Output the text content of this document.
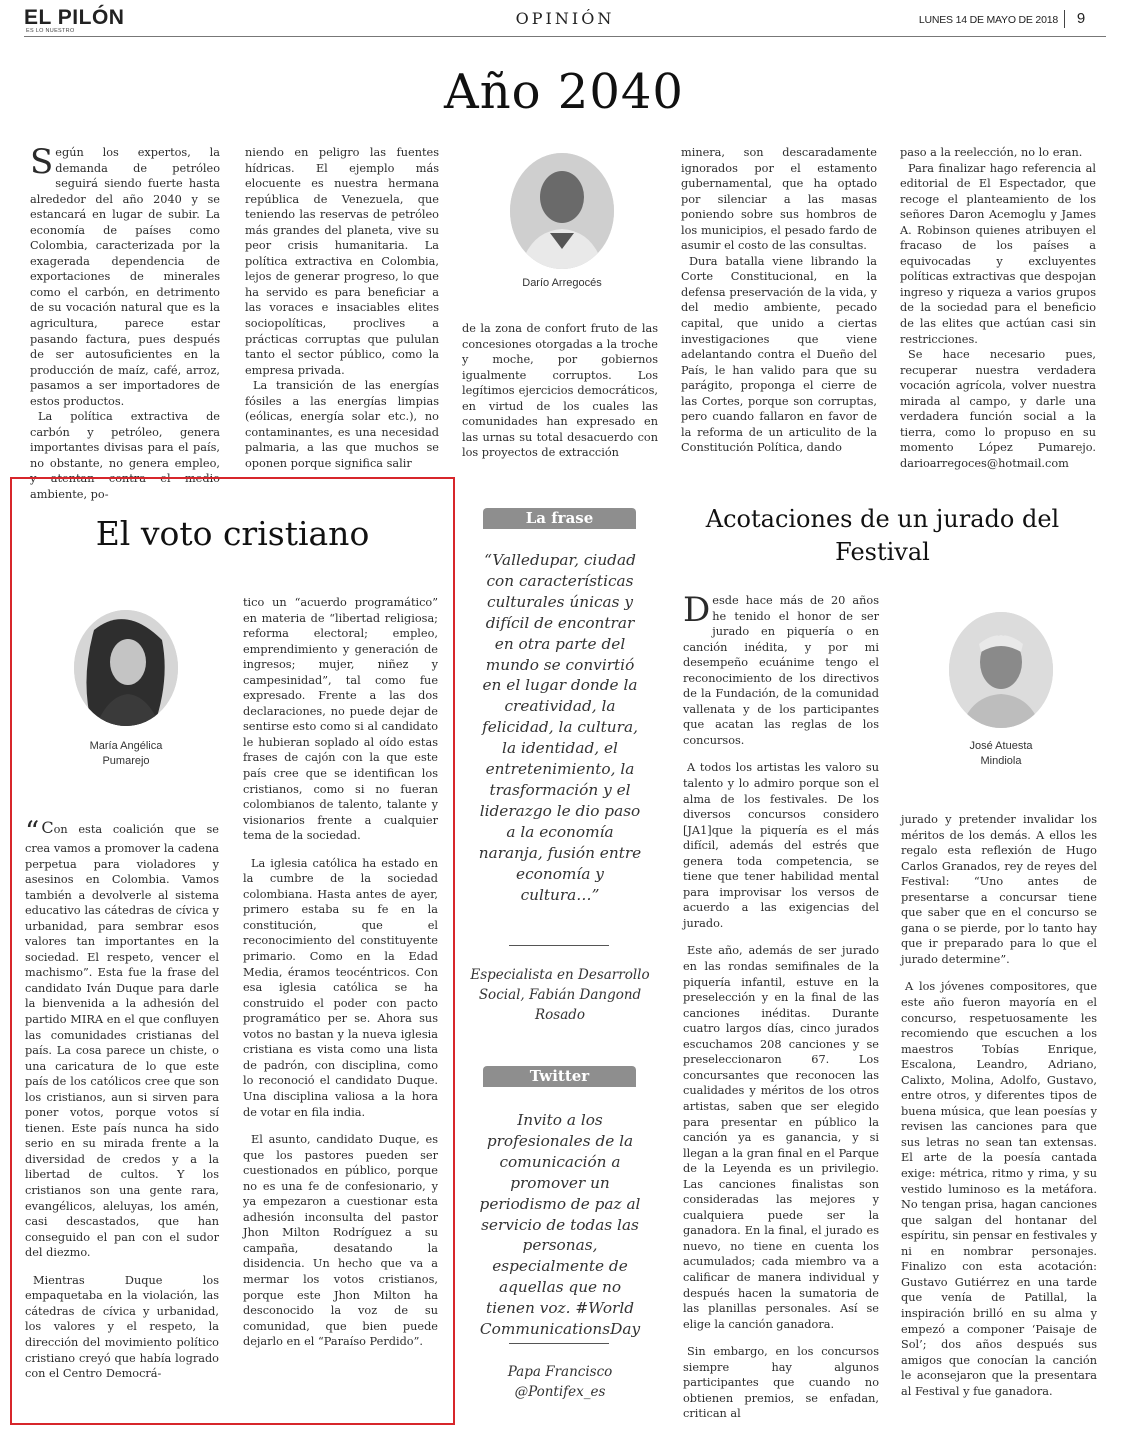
EL PILÓN
ES LO NUESTRO
OPINIÓN	LUNES 14 DE MAYO DE 2018	9
Año 2040

Según los expertos, la demanda de petróleo seguirá siendo fuerte hasta alrededor del año 2040 y se estancará en lugar de subir. La economía de países como Colombia, caracterizada por la exagerada dependencia de exportaciones de minerales como el carbón, en detrimento de su vocación natural que es la agricultura, parece estar pasando factura, pues después de ser autosuficientes en la producción de maíz, café, arroz, pasamos a ser importadores de estos productos.

La política extractiva de carbón y petróleo, genera importantes divisas para el país, no obstante, no genera empleo, y atentan contra el medio ambiente, po-

niendo en peligro las fuentes hídricas. El ejemplo más elocuente es nuestra hermana república de Venezuela, que teniendo las reservas de petróleo más grandes del planeta, vive su peor crisis humanitaria. La política extractiva en Colombia, lejos de generar progreso, lo que ha servido es para beneficiar a las voraces e insaciables elites sociopolíticas, proclives a prácticas corruptas que pululan tanto el sector público, como la empresa privada.

La transición de las energías fósiles a las energías limpias (eólicas, energía solar etc.), no contaminantes, es una necesidad palmaria, a las que muchos se oponen porque significa salir

Darío Arregocés

de la zona de confort fruto de las concesiones otorgadas a la troche y moche, por gobiernos igualmente corruptos. Los legítimos ejercicios democráticos, en virtud de los cuales las comunidades han expresado en las urnas su total desacuerdo con los proyectos de extracción

minera, son descaradamente ignorados por el estamento gubernamental, que ha optado por silenciar a las masas poniendo sobre sus hombros de los municipios, el pesado fardo de asumir el costo de las consultas.

Dura batalla viene librando la Corte Constitucional, en la defensa preservación de la vida, y del medio ambiente, pecado capital, que unido a ciertas investigaciones que viene adelantando contra el Dueño del País, le han valido para que su parágito, proponga el cierre de las Cortes, porque son corruptas, pero cuando fallaron en favor de la reforma de un articulito de la Constitución Política, dando

paso a la reelección, no lo eran.

Para finalizar hago referencia al editorial de El Espectador, que recoge el planteamiento de los señores Daron Acemoglu y James A. Robinson quienes atribuyen el fracaso de los países a equivocadas y excluyentes políticas extractivas que despojan ingreso y riqueza a varios grupos de la sociedad para el beneficio de las elites que actúan casi sin restricciones.

Se hace necesario pues, recuperar nuestra verdadera vocación agrícola, volver nuestra mirada al campo, y darle una verdadera función social a la tierra, como lo propuso en su momento López Pumarejo. darioarregoces@hotmail.com

El voto cristiano
María Angélica
Pumarejo

“ Con esta coalición que se crea vamos a promover la cadena perpetua para violadores y asesinos en Colombia. Vamos también a devolverle al sistema educativo las cátedras de cívica y urbanidad, para sembrar esos valores tan importantes en la sociedad. El respeto, vencer el machismo”. Esta fue la frase del candidato Iván Duque para darle la bienvenida a la adhesión del partido MIRA en el que confluyen las comunidades cristianas del país. La cosa parece un chiste, o una caricatura de lo que este país de los católicos cree que son los cristianos, aun si sirven para poner votos, porque votos sí tienen. Este país nunca ha sido serio en su mirada frente a la diversidad de credos y a la libertad de cultos. Y los cristianos son una gente rara, evangélicos, aleluyas, los amén, casi descastados, que han conseguido el pan con el sudor del diezmo.

Mientras Duque los empaquetaba en la violación, las cátedras de cívica y urbanidad, los valores y el respeto, la dirección del movimiento político cristiano creyó que había logrado con el Centro Democrá-

tico un “acuerdo programático” en materia de “libertad religiosa; reforma electoral; empleo, emprendimiento y generación de ingresos; mujer, niñez y campesinidad”, tal como fue expresado. Frente a las dos declaraciones, no puede dejar de sentirse esto como si al candidato le hubieran soplado al oído estas frases de cajón con la que este país cree que se identifican los cristianos, como si no fueran colombianos de talento, talante y visionarios frente a cualquier tema de la sociedad.

La iglesia católica ha estado en la cumbre de la sociedad colombiana. Hasta antes de ayer, primero estaba su fe en la constitución, que el reconocimiento del constituyente primario. Como en la Edad Media, éramos teocéntricos. Con esa iglesia católica se ha construido el poder con pacto programático per se. Ahora sus votos no bastan y la nueva iglesia cristiana es vista como una lista de padrón, con disciplina, como lo reconoció el candidato Duque. Una disciplina valiosa a la hora de votar en fila india.

El asunto, candidato Duque, es que los pastores pueden ser cuestionados en público, porque no es una fe de confesionario, y ya empezaron a cuestionar esta adhesión inconsulta del pastor Jhon Milton Rodríguez a su campaña, desatando la disidencia. Un hecho que va a mermar los votos cristianos, porque este Jhon Milton ha desconocido la voz de su comunidad, que bien puede dejarlo en el “Paraíso Perdido”.

La frase
“Valledupar, ciudad con características culturales únicas y difícil de encontrar en otra parte del mundo se convirtió en el lugar donde la creatividad, la felicidad, la cultura, la identidad, el entretenimiento, la trasformación y el liderazgo le dio paso a la economía naranja, fusión entre economía y cultura…”
Especialista en Desarrollo Social, Fabián Dangond Rosado
Twitter
Invito a los profesionales de la comunicación a promover un periodismo de paz al servicio de todas las personas, especialmente de aquellas que no tienen voz. #World CommunicationsDay
Papa Francisco
@Pontifex_es
Acotaciones de un jurado del
Festival

Desde hace más de 20 años he tenido el honor de ser jurado en piquería o en canción inédita, y por mi desempeño ecuánime tengo el reconocimiento de los directivos de la Fundación, de la comunidad vallenata y de los participantes que acatan las reglas de los concursos.

A todos los artistas les valoro su talento y lo admiro porque son el alma de los festivales. De los diversos concursos considero [JA1]que la piquería es el más difícil, además del estrés que genera toda competencia, se tiene que tener habilidad mental para improvisar los versos de acuerdo a las exigencias del jurado.

Este año, además de ser jurado en las rondas semifinales de la piquería infantil, estuve en la preselección y en la final de las canciones inéditas. Durante cuatro largos días, cinco jurados escuchamos 208 canciones y se preseleccionaron 67. Los concursantes que reconocen las cualidades y méritos de los otros artistas, saben que ser elegido para presentar en público la canción ya es ganancia, y si llegan a la gran final en el Parque de la Leyenda es un privilegio. Las canciones finalistas son consideradas las mejores y cualquiera puede ser la ganadora. En la final, el jurado es nuevo, no tiene en cuenta los acumulados; cada miembro va a calificar de manera individual y después hacen la sumatoria de las planillas personales. Así se elige la canción ganadora.

Sin embargo, en los concursos siempre hay algunos participantes que cuando no obtienen premios, se enfadan, critican al

José Atuesta
Mindiola

jurado y pretender invalidar los méritos de los demás. A ellos les regalo esta reflexión de Hugo Carlos Granados, rey de reyes del Festival: “Uno antes de presentarse a concursar tiene que saber que en el concurso se gana o se pierde, por lo tanto hay que ir preparado para lo que el jurado determine”.

A los jóvenes compositores, que este año fueron mayoría en el concurso, respetuosamente les recomiendo que escuchen a los maestros Tobías Enrique, Escalona, Leandro, Adriano, Calixto, Molina, Adolfo, Gustavo, entre otros, y diferentes tipos de buena música, que lean poesías y revisen las canciones para que sus letras no sean tan extensas. El arte de la poesía cantada exige: métrica, ritmo y rima, y su vestido luminoso es la metáfora. No tengan prisa, hagan canciones que salgan del hontanar del espíritu, sin pensar en festivales y ni en nombrar personajes. Finalizo con esta acotación: Gustavo Gutiérrez en una tarde que venía de Patillal, la inspiración brilló en su alma y empezó a componer ‘Paisaje de Sol’; dos años después sus amigos que conocían la canción le aconsejaron que la presentara al Festival y fue ganadora.
